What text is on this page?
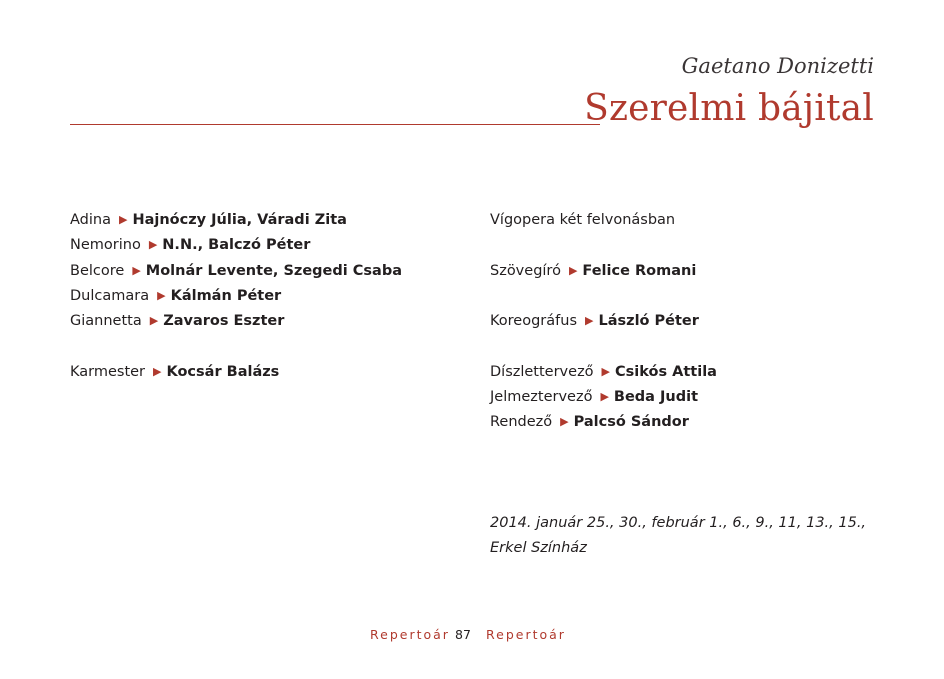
Gaetano Donizetti
Szerelmi bájital
Adina ▶ Hajnóczy Júlia, Váradi Zita
Nemorino ▶ N.N., Balczó Péter
Belcore ▶ Molnár Levente, Szegedi Csaba
Dulcamara ▶ Kálmán Péter
Giannetta ▶ Zavaros Eszter
Karmester ▶ Kocsár Balázs
Vígopera két felvonásban
Szövegíró ▶ Felice Romani
Koreográfus ▶ László Péter
Díszlettervező ▶ Csikós Attila
Jelmeztervező ▶ Beda Judit
Rendező ▶ Palcsó Sándor
2014. január 25., 30., február 1., 6., 9., 11, 13., 15.,
Erkel Színház
Repertoár 87 Repertoár
